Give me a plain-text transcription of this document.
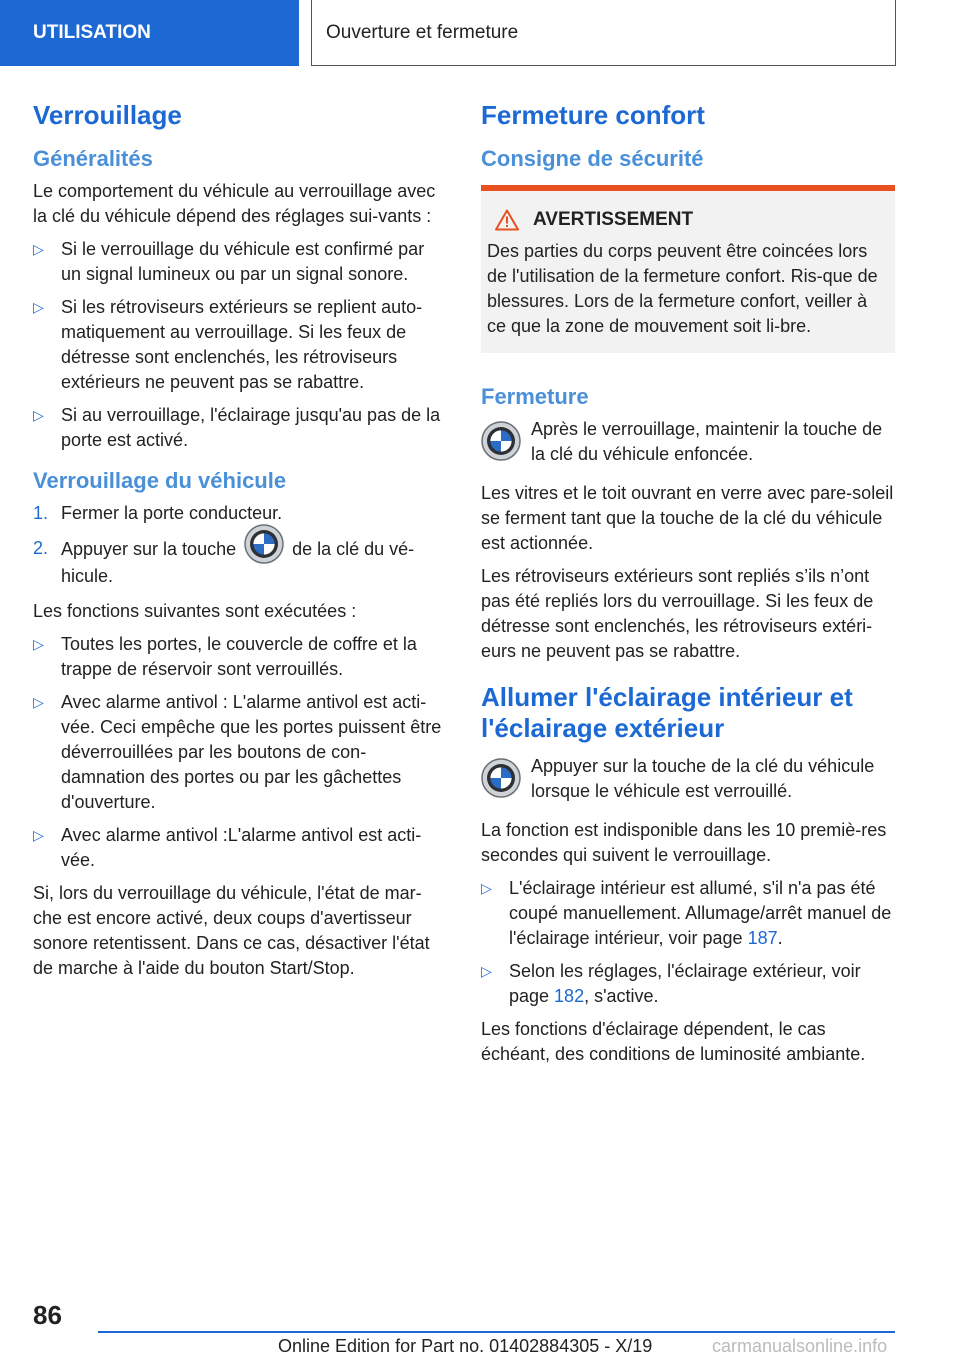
UTILISATION	Ouverture et fermeture
Verrouillage
Généralités

Le comportement du véhicule au verrouillage avec la clé du véhicule dépend des réglages sui-vants :

▷ Si le verrouillage du véhicule est confirmé par un signal lumineux ou par un signal sonore.
▷ Si les rétroviseurs extérieurs se replient auto-matiquement au verrouillage. Si les feux de détresse sont enclenchés, les rétroviseurs extérieurs ne peuvent pas se rabattre.
▷ Si au verrouillage, l'éclairage jusqu'au pas de la porte est activé.
Verrouillage du véhicule
1. Fermer la porte conducteur.
2. Appuyer sur la touche	de la clé du vé-hicule.

Les fonctions suivantes sont exécutées :

▷ Toutes les portes, le couvercle de coffre et la trappe de réservoir sont verrouillés.
▷ Avec alarme antivol : L'alarme antivol est acti-vée. Ceci empêche que les portes puissent être déverrouillées par les boutons de con-damnation des portes ou par les gâchettes d'ouverture.
▷ Avec alarme antivol :L'alarme antivol est acti-vée.

Si, lors du verrouillage du véhicule, l'état de mar-che est encore activé, deux coups d'avertisseur sonore retentissent. Dans ce cas, désactiver l'état de marche à l'aide du bouton Start/Stop.

Fermeture confort
Consigne de sécurité
AVERTISSEMENT

Des parties du corps peuvent être coincées lors de l'utilisation de la fermeture confort. Ris-que de blessures. Lors de la fermeture confort, veiller à ce que la zone de mouvement soit li-bre.

Fermeture

Après le verrouillage, maintenir la touche de la clé du véhicule enfoncée.

Les vitres et le toit ouvrant en verre avec pare-soleil se ferment tant que la touche de la clé du véhicule est actionnée.

Les rétroviseurs extérieurs sont repliés s’ils n’ont pas été repliés lors du verrouillage. Si les feux de détresse sont enclenchés, les rétroviseurs extéri-eurs ne peuvent pas se rabattre.

Allumer l'éclairage intérieur et l'éclairage extérieur

Appuyer sur la touche de la clé du véhicule lorsque le véhicule est verrouillé.

La fonction est indisponible dans les 10 premiè-res secondes qui suivent le verrouillage.

▷ L'éclairage intérieur est allumé, s'il n'a pas été coupé manuellement. Allumage/arrêt manuel de l'éclairage intérieur, voir page 187.
▷ Selon les réglages, l'éclairage extérieur, voir page 182, s'active.

Les fonctions d'éclairage dépendent, le cas échéant, des conditions de luminosité ambiante.

86
Online Edition for Part no. 01402884305 - X/19	carmanualsonline.info
